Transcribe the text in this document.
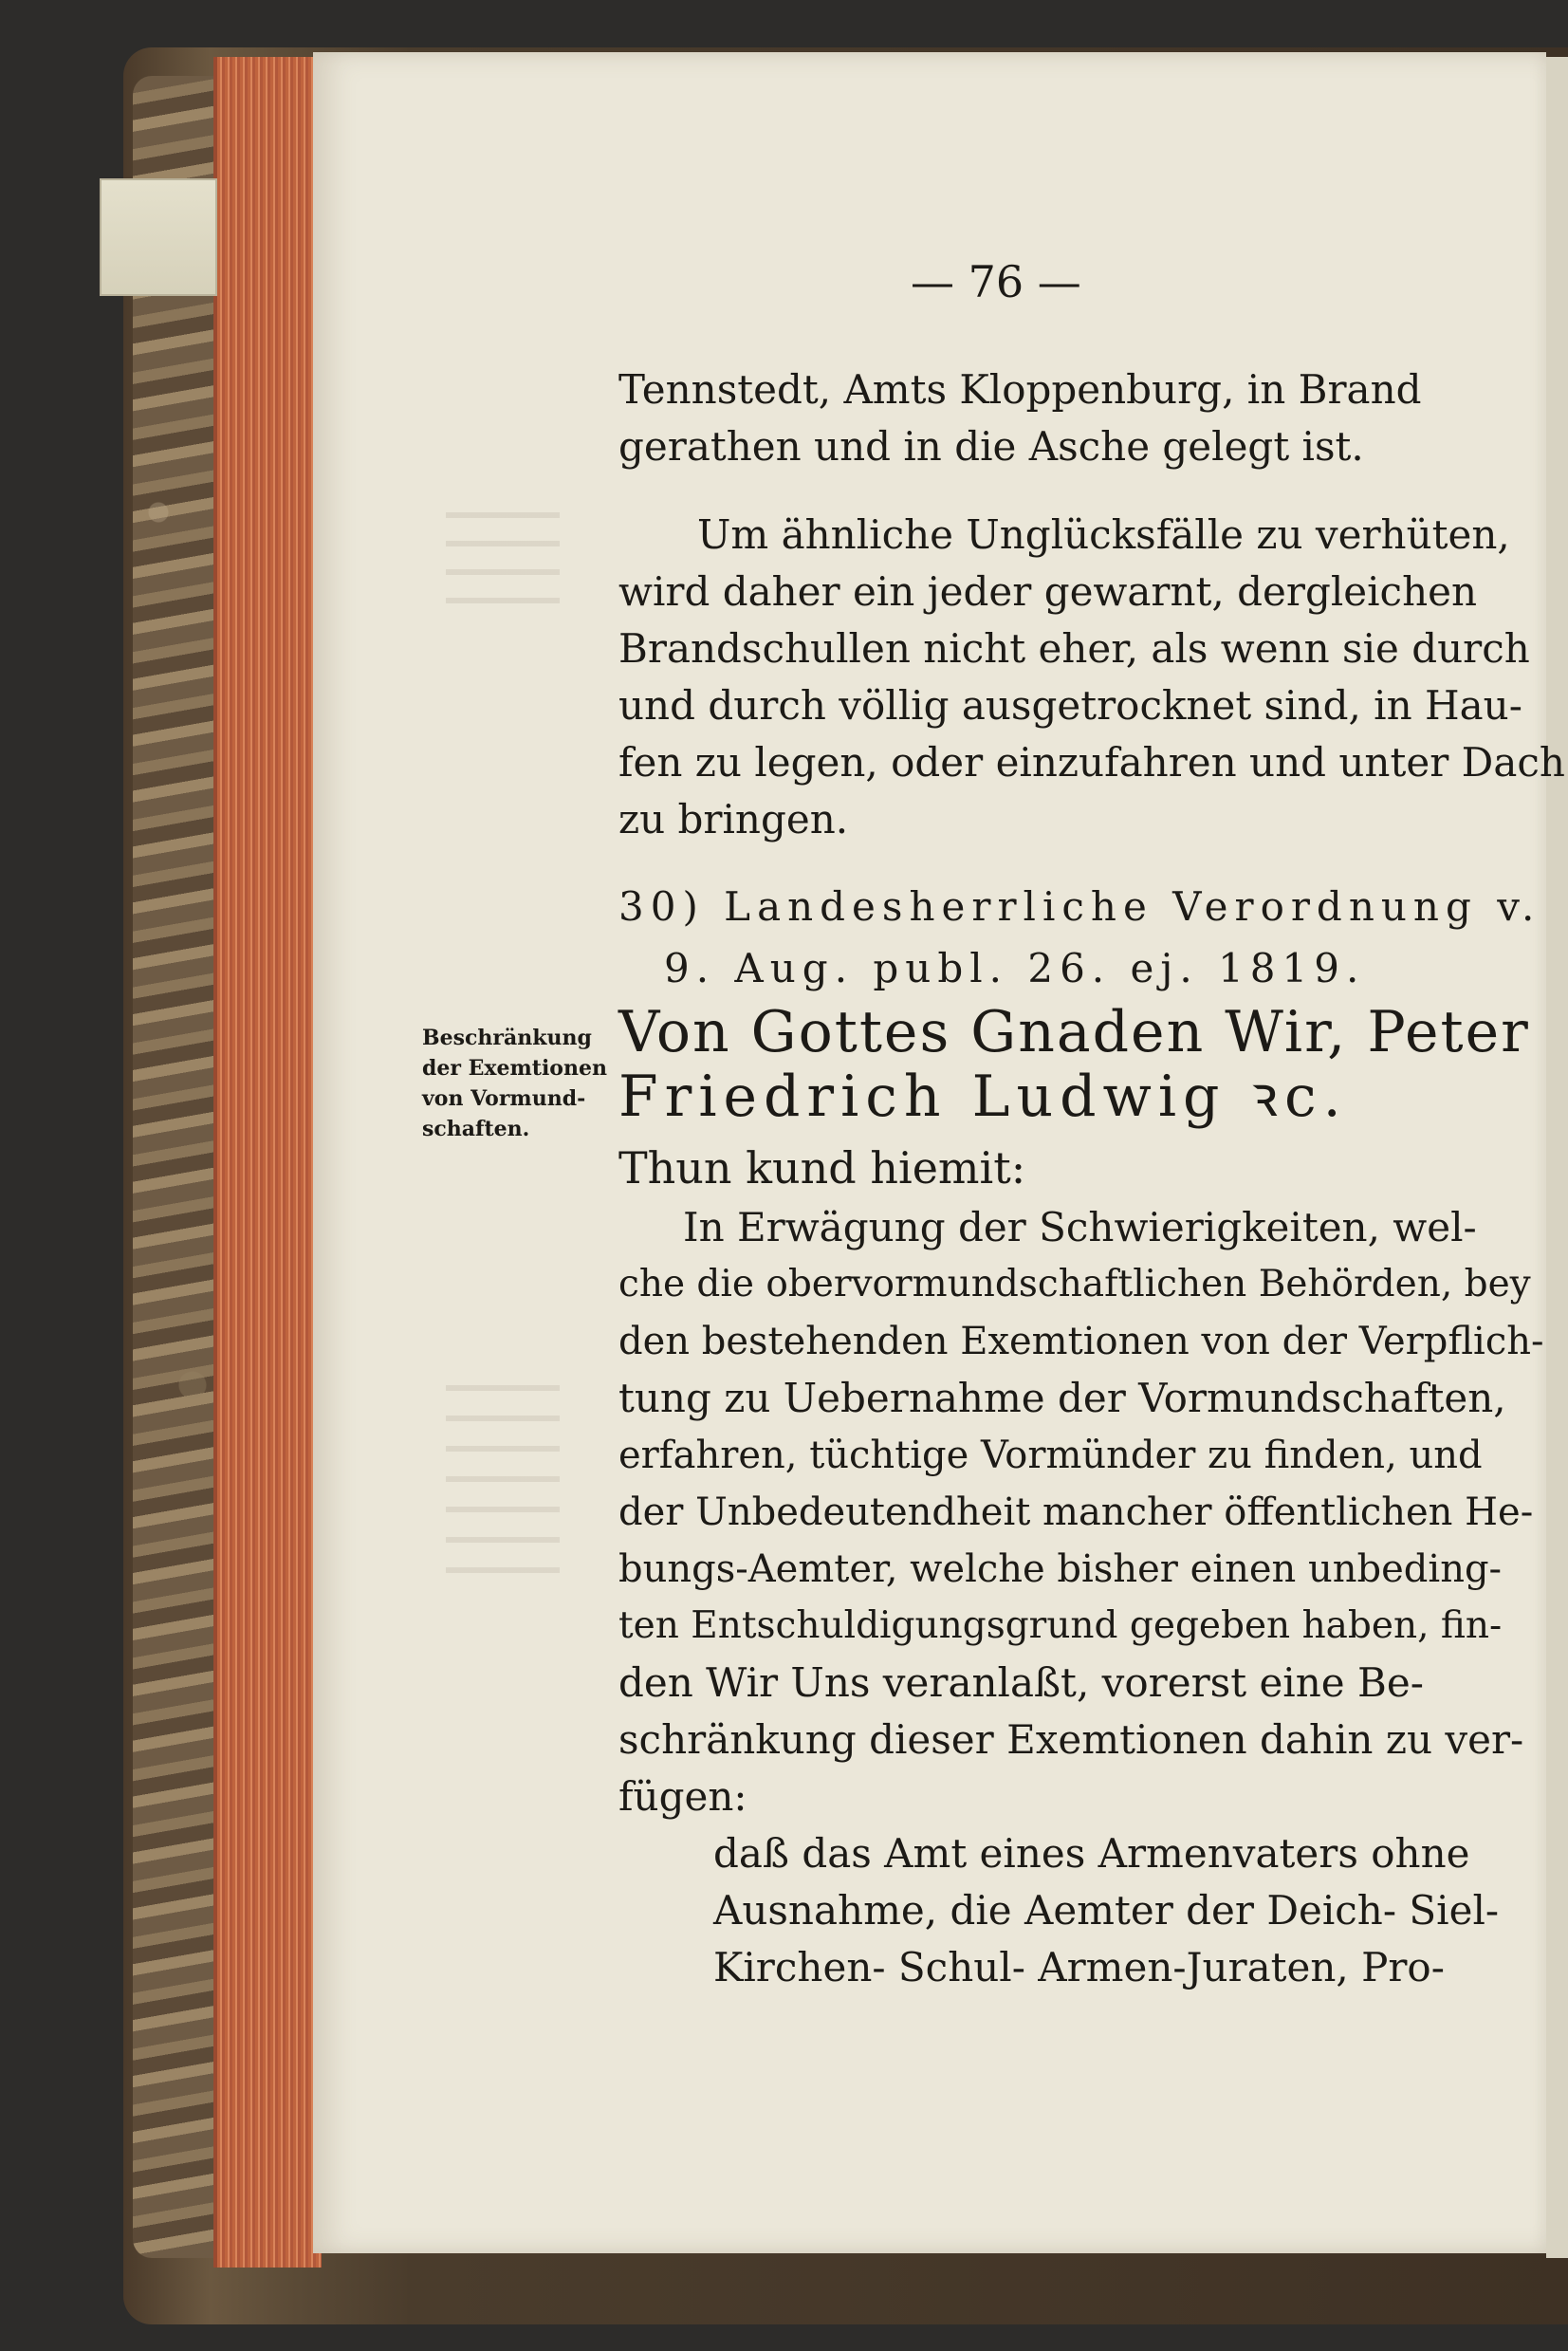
— 76 —
Tennstedt, Amts Kloppenburg, in Brand
gerathen und in die Asche gelegt ist.
Um ähnliche Unglücksfälle zu verhüten,
wird daher ein jeder gewarnt, dergleichen
Brandschullen nicht eher, als wenn sie durch
und durch völlig ausgetrocknet sind, in Hau-
fen zu legen, oder einzufahren und unter Dach
zu bringen.
30) Landesherrliche Verordnung v.
9. Aug. publ. 26. ej. 1819.
Von Gottes Gnaden Wir, Peter
Friedrich Ludwig ꝛc.
Thun kund hiemit:
In Erwägung der Schwierigkeiten, wel-
che die obervormundschaftlichen Behörden, bey
den bestehenden Exemtionen von der Verpflich-
tung zu Uebernahme der Vormundschaften,
erfahren, tüchtige Vormünder zu finden, und
der Unbedeutendheit mancher öffentlichen He-
bungs-Aemter, welche bisher einen unbeding-
ten Entschuldigungsgrund gegeben haben, fin-
den Wir Uns veranlaßt, vorerst eine Be-
schränkung dieser Exemtionen dahin zu ver-
fügen:
daß das Amt eines Armenvaters ohne
Ausnahme, die Aemter der Deich- Siel-
Kirchen- Schul- Armen-Juraten, Pro-
Beschränkung
der Exemtionen
von Vormund-
schaften.
